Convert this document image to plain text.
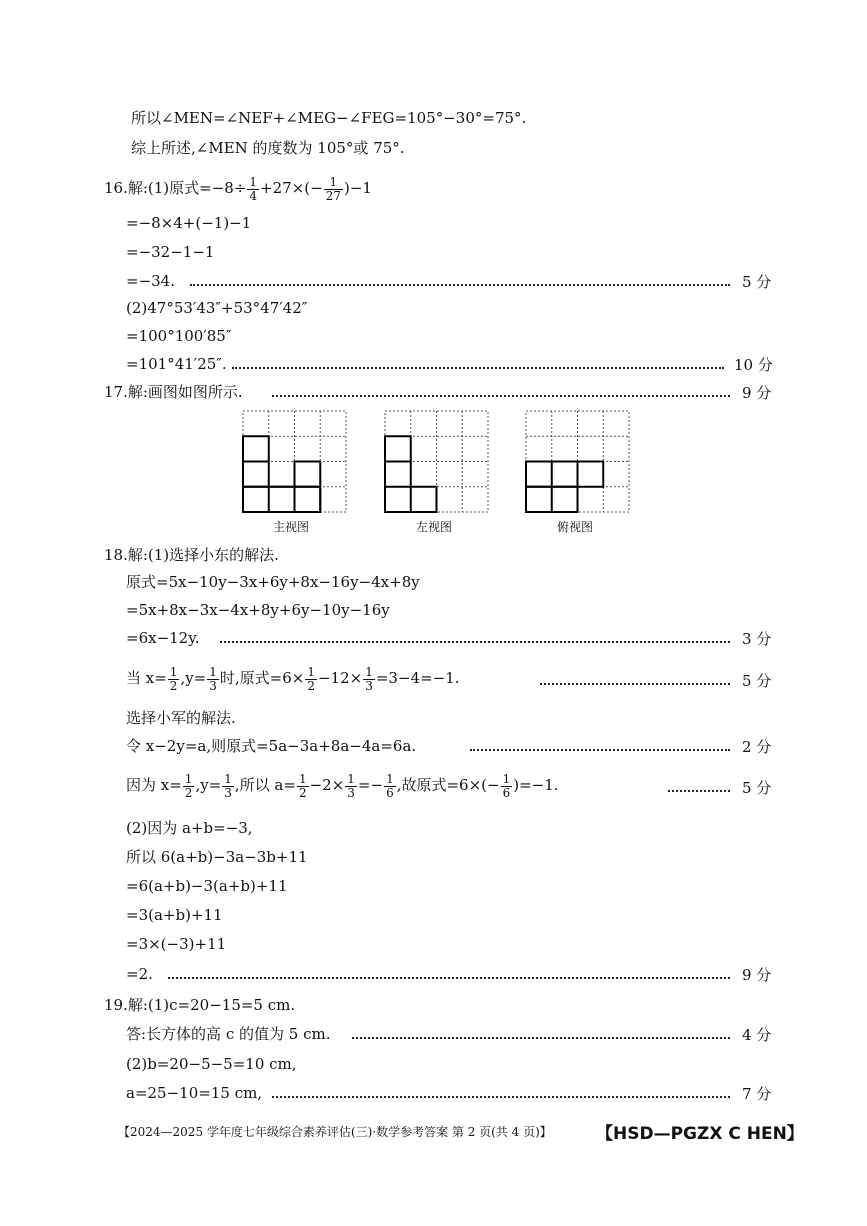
所以∠MEN=∠NEF+∠MEG−∠FEG=105°−30°=75°.
综上所述,∠MEN 的度数为 105°或 75°.
16.解:(1)原式$=-8\div \frac{1}{4} +27\times(- \frac{1}{27} )-1$
=−8×4+(−1)−1
=−32−1−1
=−34.	5 分
(2)47°53′43″+53°47′42″
=100°100′85″
=101°41′25″.	10 分
17.解:画图如图所示.	9 分
主视图	左视图	俯视图
18.解:(1)选择小东的解法.
原式=5x−10y−3x+6y+8x−16y−4x+8y
=5x+8x−3x−4x+8y+6y−10y−16y
=6x−12y.	3 分
当 $x= \frac{1}{2} ,y= \frac{1}{3}$ 时,原式$=6\times \frac{1}{2} -12\times \frac{1}{3} =3-4=-1$.	5 分
选择小军的解法.
令 x−2y=a,则原式=5a−3a+8a−4a=6a.	2 分
因为 $x= \frac{1}{2} ,y= \frac{1}{3}$ ,所以 $a= \frac{1}{2} -2\times \frac{1}{3} =- \frac{1}{6}$ ,故原式$=6\times(- \frac{1}{6} )=-1$.	5 分
(2)因为 a+b=−3,
所以 6(a+b)−3a−3b+11
=6(a+b)−3(a+b)+11
=3(a+b)+11
=3×(−3)+11
=2.	9 分
19.解:(1)c=20−15=5 cm.
答:长方体的高 c 的值为 5 cm.	4 分
(2)b=20−5−5=10 cm,
a=25−10=15 cm,	7 分
【2024—2025 学年度七年级综合素养评估(三)·数学参考答案 第 2 页(共 4 页)】	【HSD—PGZX C HEN】
